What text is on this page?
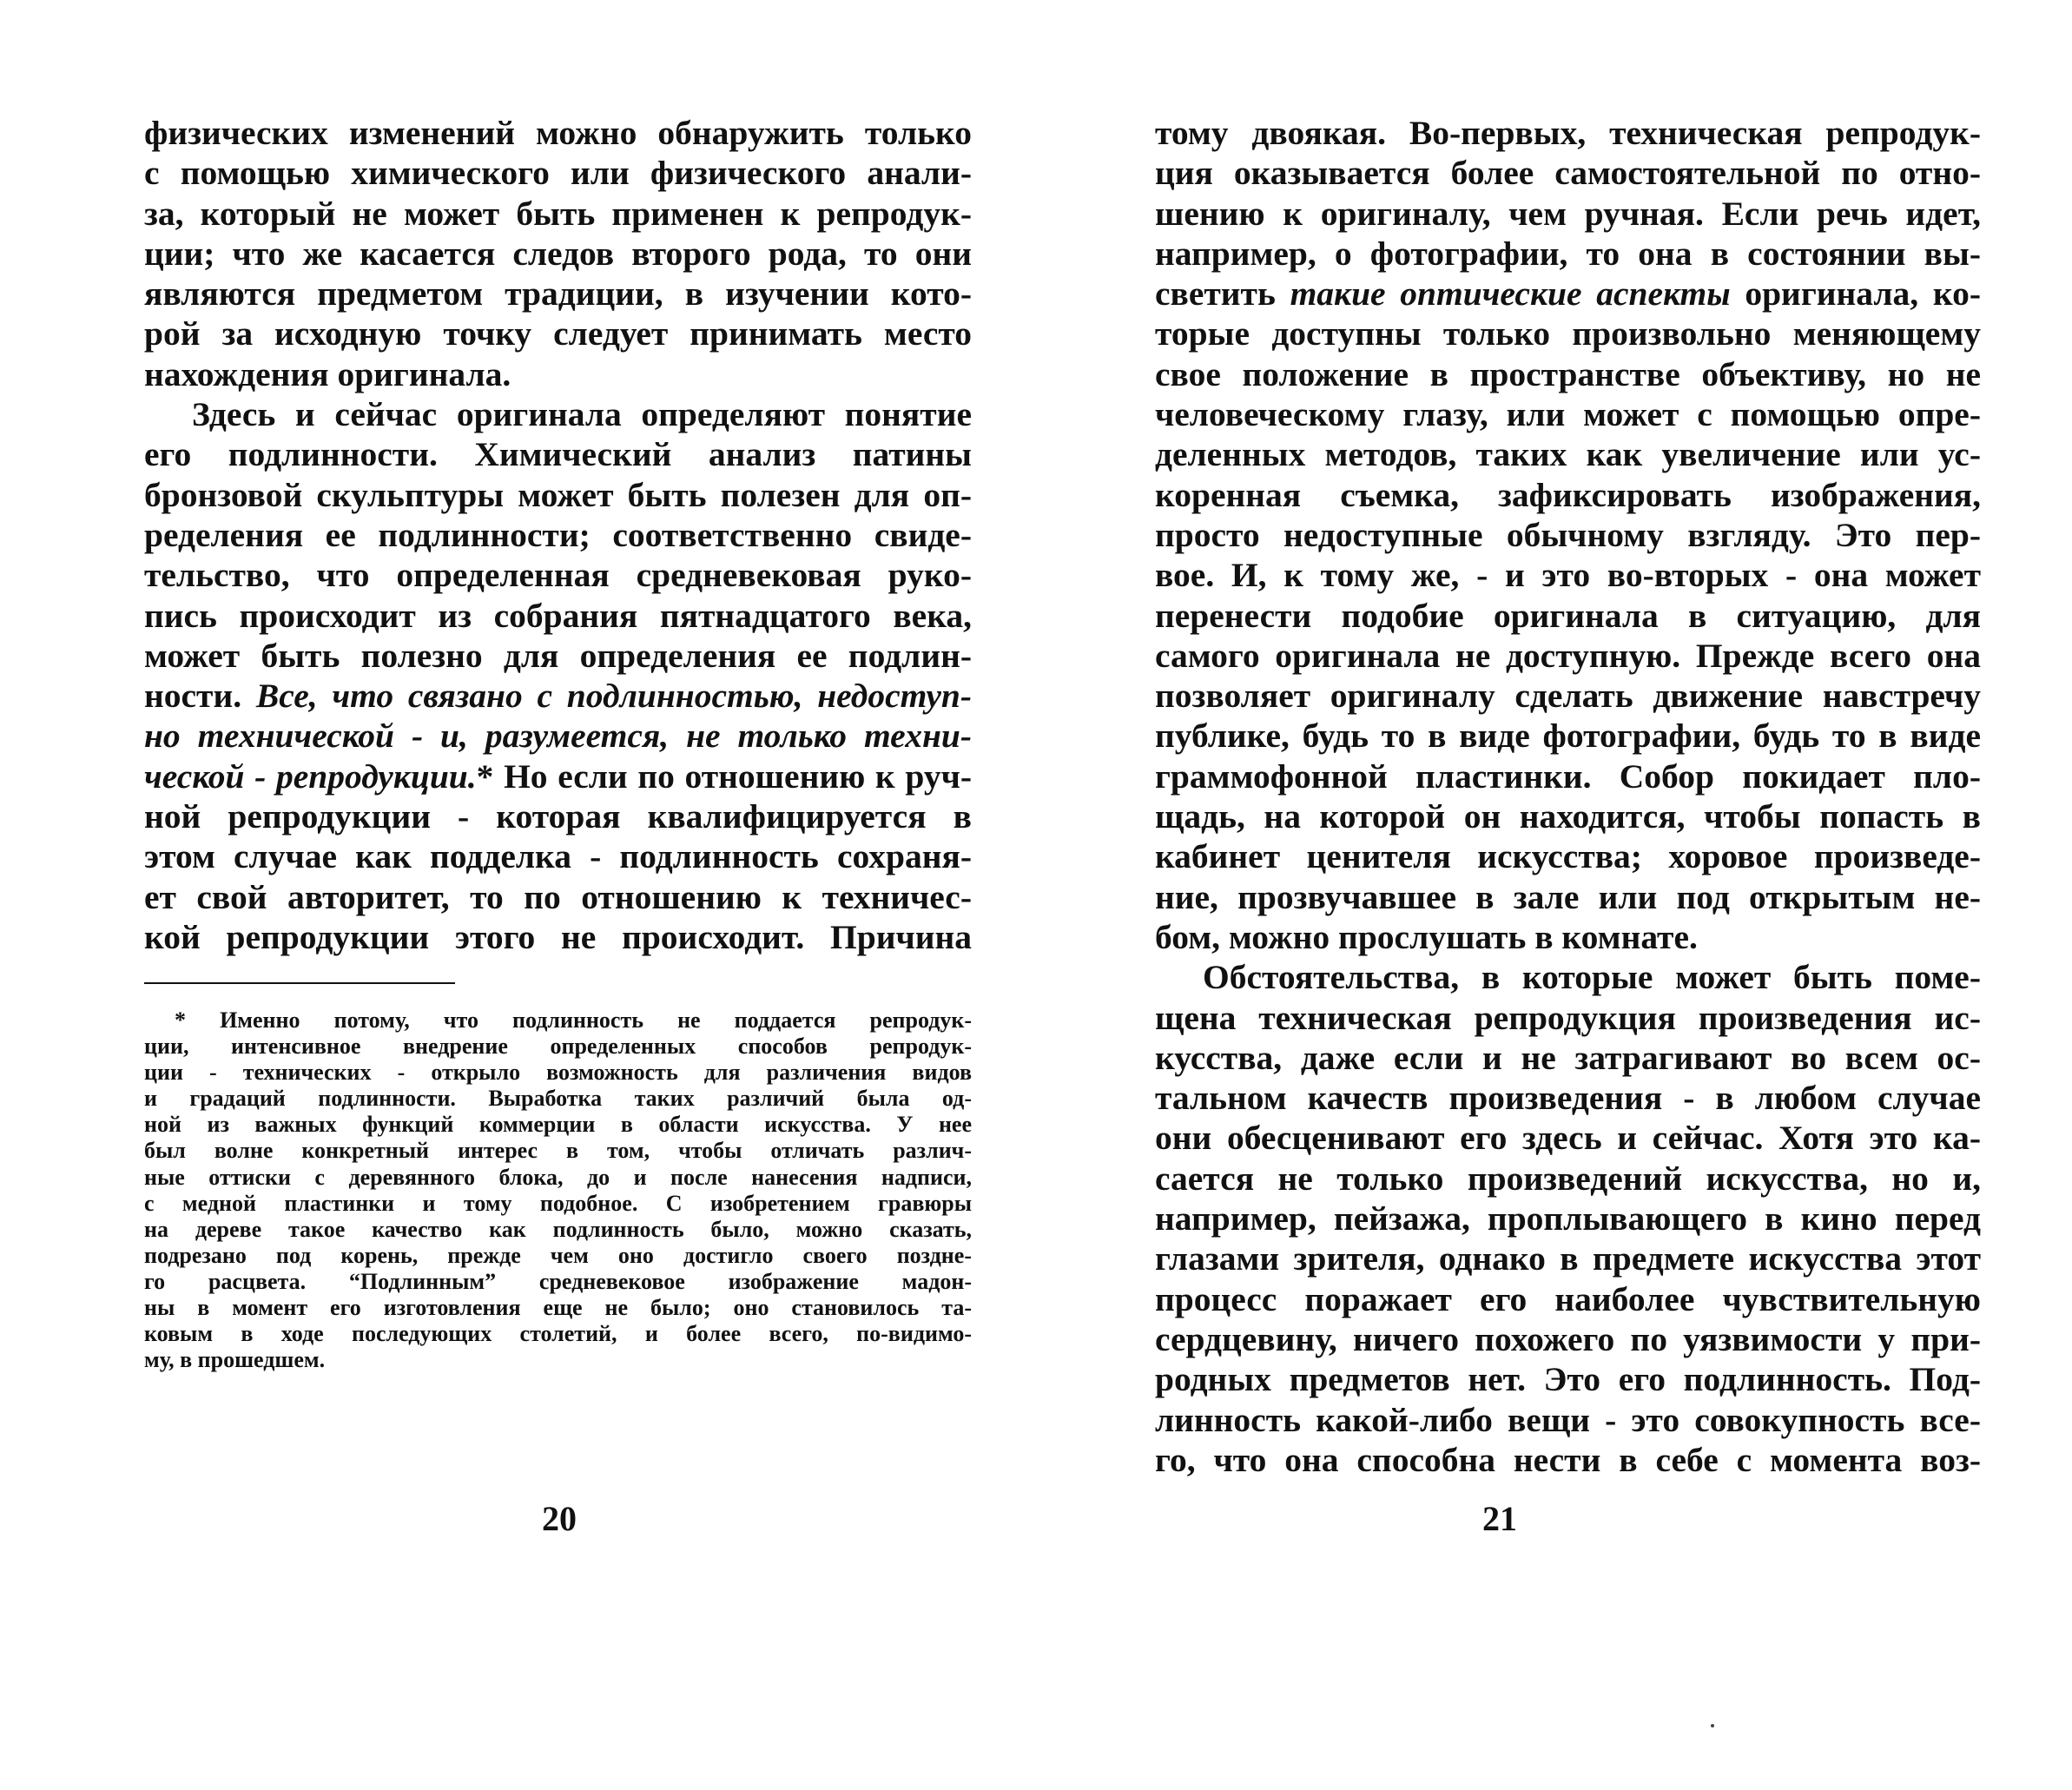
физических изменений можно обнаружить только
с помощью химического или физического анали-
за, который не может быть применен к репродук-
ции; что же касается следов второго рода, то они
являются предметом традиции, в изучении кото-
рой за исходную точку следует принимать место
нахождения оригинала.
Здесь и сейчас оригинала определяют понятие
его подлинности. Химический анализ патины
бронзовой скульптуры может быть полезен для оп-
ределения ее подлинности; соответственно свиде-
тельство, что определенная средневековая руко-
пись происходит из собрания пятнадцатого века,
может быть полезно для определения ее подлин-
ности. Все, что связано с подлинностью, недоступ-
но технической - и, разумеется, не только техни-
ческой - репродукции.* Но если по отношению к руч-
ной репродукции - которая квалифицируется в
этом случае как подделка - подлинность сохраня-
ет свой авторитет, то по отношению к техничес-
кой репродукции этого не происходит. Причина
* Именно потому, что подлинность не поддается репродук-
ции, интенсивное внедрение определенных способов репродук-
ции - технических - открыло возможность для различения видов
и градаций подлинности. Выработка таких различий была од-
ной из важных функций коммерции в области искусства. У нее
был волне конкретный интерес в том, чтобы отличать различ-
ные оттиски с деревянного блока, до и после нанесения надписи,
с медной пластинки и тому подобное. С изобретением гравюры
на дереве такое качество как подлинность было, можно сказать,
подрезано под корень, прежде чем оно достигло своего поздне-
го расцвета. “Подлинным” средневековое изображение мадон-
ны в момент его изготовления еще не было; оно становилось та-
ковым в ходе последующих столетий, и более всего, по-видимо-
му, в прошедшем.
20
тому двоякая. Во-первых, техническая репродук-
ция оказывается более самостоятельной по отно-
шению к оригиналу, чем ручная. Если речь идет,
например, о фотографии, то она в состоянии вы-
светить такие оптические аспекты оригинала, ко-
торые доступны только произвольно меняющему
свое положение в пространстве объективу, но не
человеческому глазу, или может с помощью опре-
деленных методов, таких как увеличение или ус-
коренная съемка, зафиксировать изображения,
просто недоступные обычному взгляду. Это пер-
вое. И, к тому же, - и это во-вторых - она может
перенести подобие оригинала в ситуацию, для
самого оригинала не доступную. Прежде всего она
позволяет оригиналу сделать движение навстречу
публике, будь то в виде фотографии, будь то в виде
граммофонной пластинки. Собор покидает пло-
щадь, на которой он находится, чтобы попасть в
кабинет ценителя искусства; хоровое произведе-
ние, прозвучавшее в зале или под открытым не-
бом, можно прослушать в комнате.
Обстоятельства, в которые может быть поме-
щена техническая репродукция произведения ис-
кусства, даже если и не затрагивают во всем ос-
тальном качеств произведения - в любом случае
они обесценивают его здесь и сейчас. Хотя это ка-
сается не только произведений искусства, но и,
например, пейзажа, проплывающего в кино перед
глазами зрителя, однако в предмете искусства этот
процесс поражает его наиболее чувствительную
сердцевину, ничего похожего по уязвимости у при-
родных предметов нет. Это его подлинность. Под-
линность какой-либо вещи - это совокупность все-
го, что она способна нести в себе с момента воз-
21
